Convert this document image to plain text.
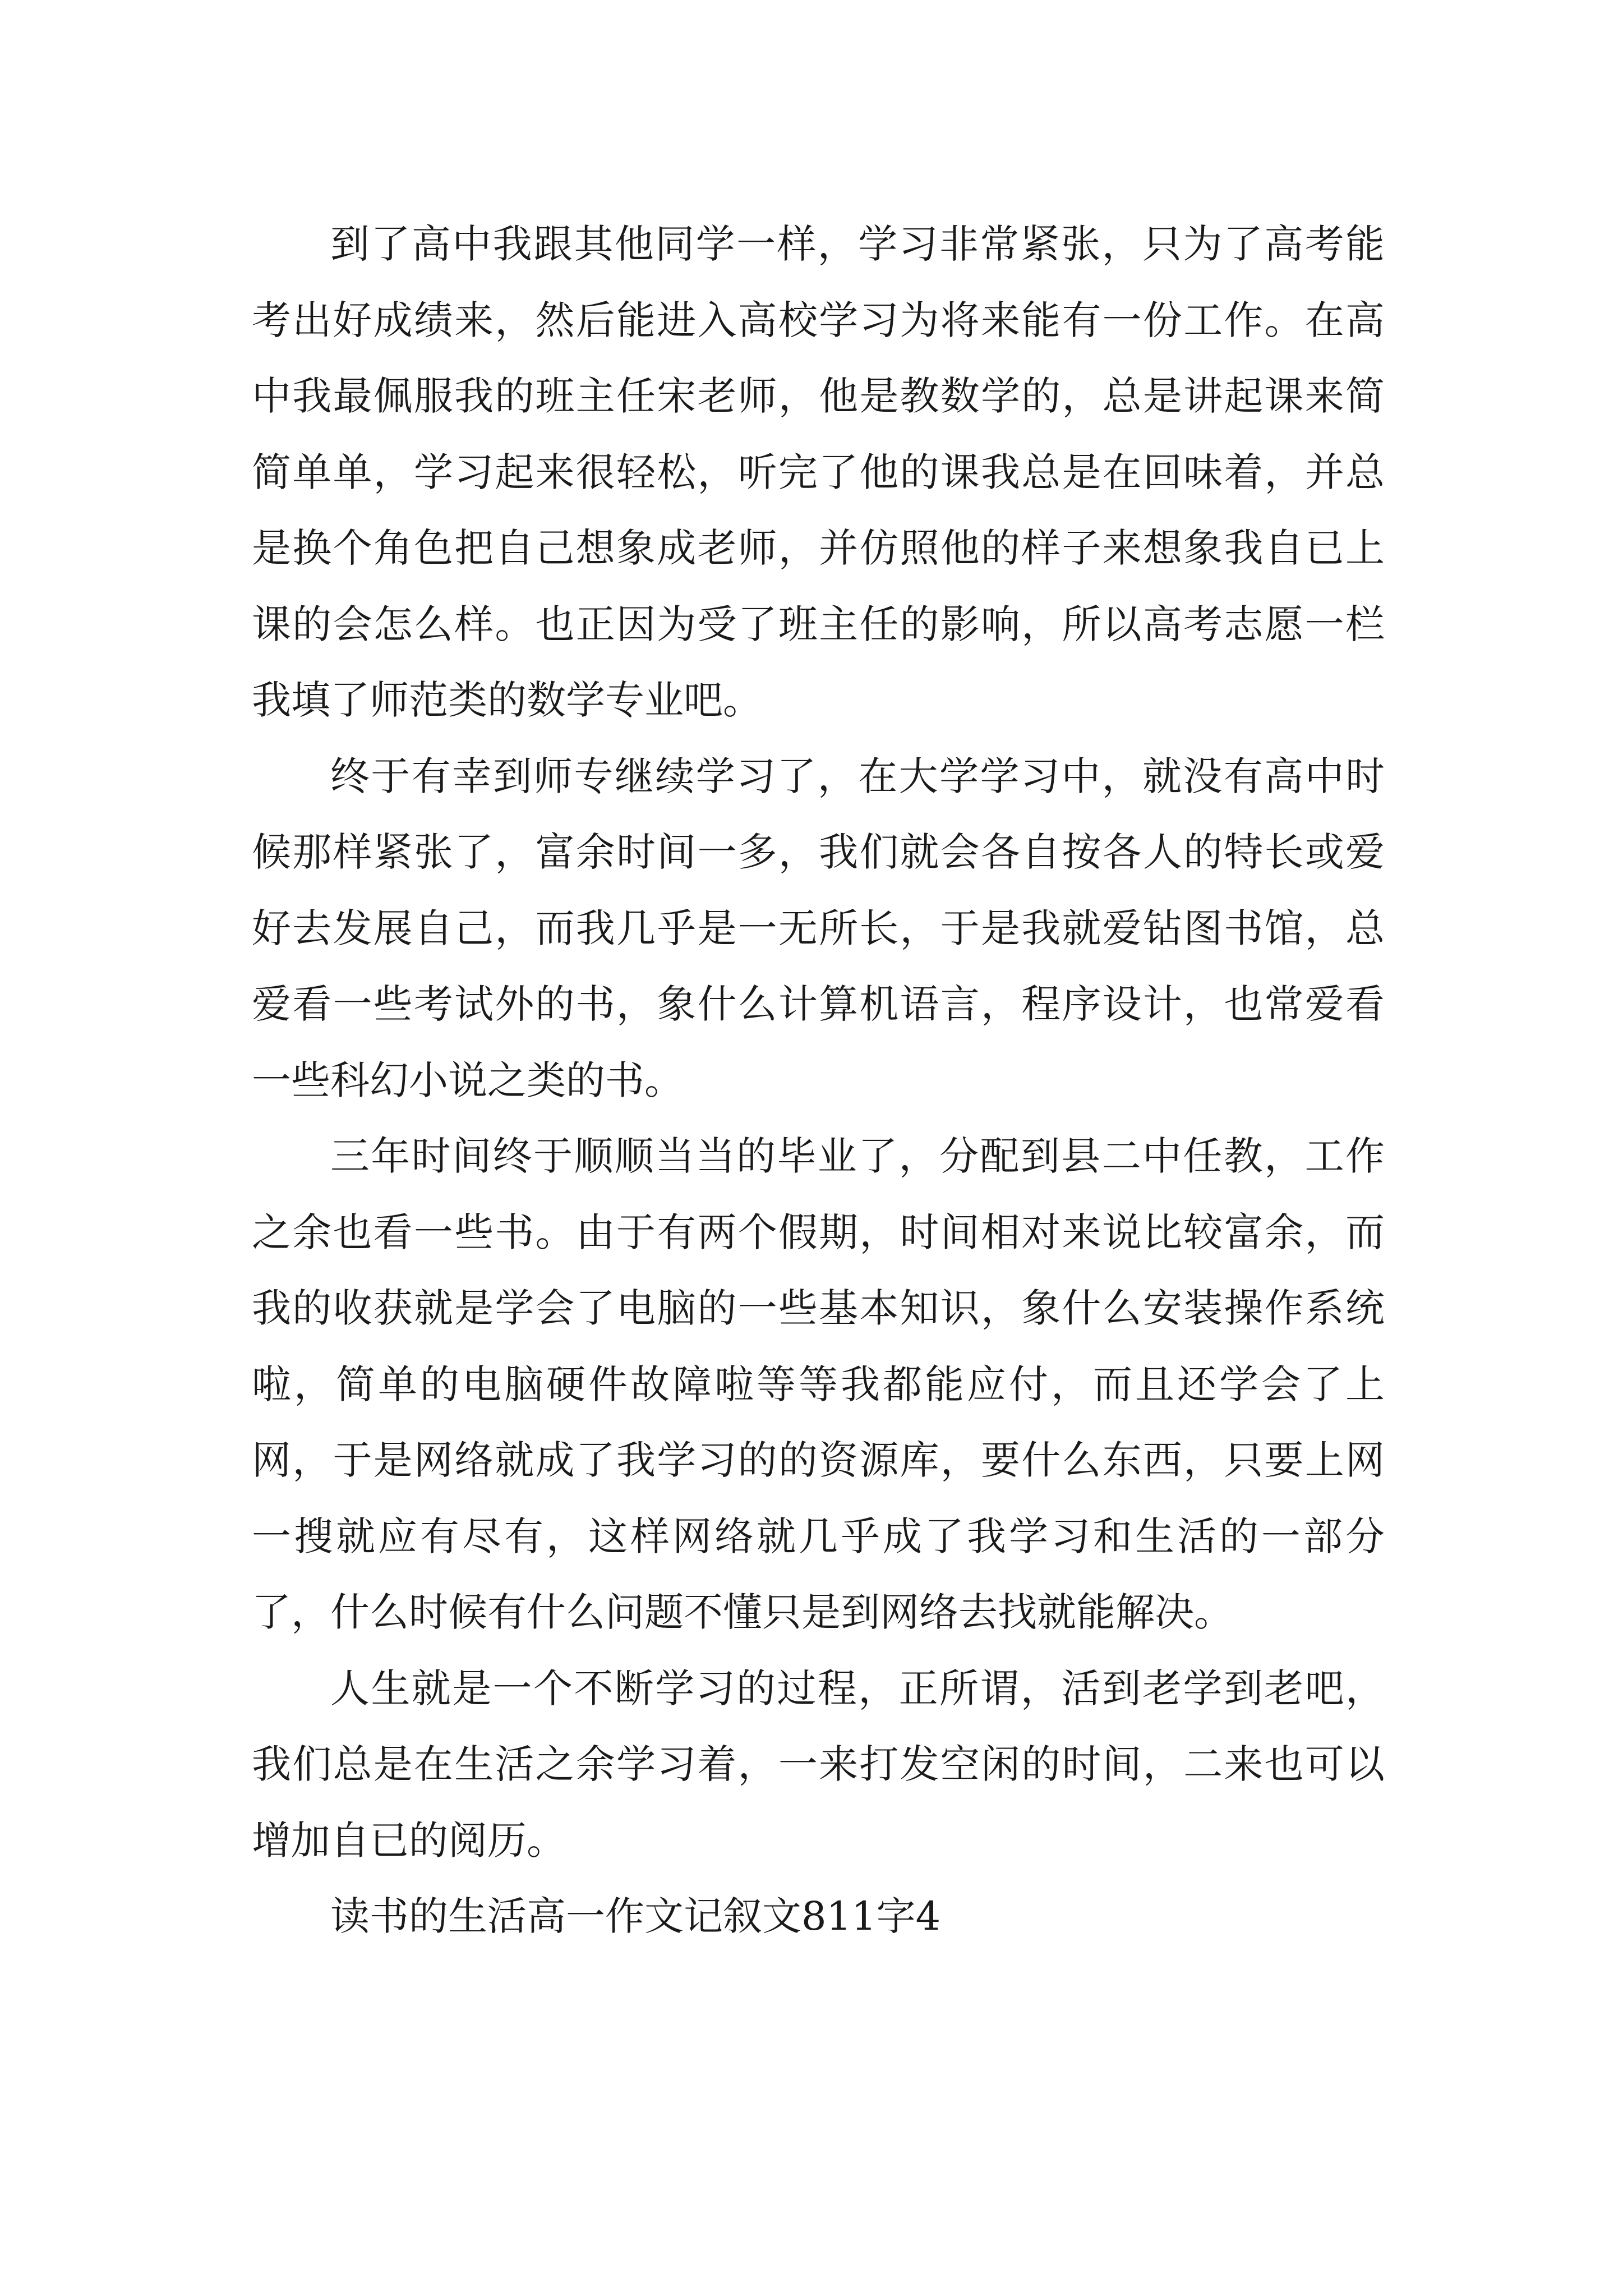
到了高中我跟其他同学一样，学习非常紧张，只为了高考能考出好成绩来，然后能进入高校学习为将来能有一份工作。在高中我最佩服我的班主任宋老师，他是教数学的，总是讲起课来简简单单，学习起来很轻松，听完了他的课我总是在回味着，并总是换个角色把自己想象成老师，并仿照他的样子来想象我自已上课的会怎么样。也正因为受了班主任的影响，所以高考志愿一栏我填了师范类的数学专业吧。

终于有幸到师专继续学习了，在大学学习中，就没有高中时候那样紧张了，富余时间一多，我们就会各自按各人的特长或爱好去发展自己，而我几乎是一无所长，于是我就爱钻图书馆，总爱看一些考试外的书，象什么计算机语言，程序设计，也常爱看一些科幻小说之类的书。

三年时间终于顺顺当当的毕业了，分配到县二中任教，工作之余也看一些书。由于有两个假期，时间相对来说比较富余，而我的收获就是学会了电脑的一些基本知识，象什么安装操作系统啦，简单的电脑硬件故障啦等等我都能应付，而且还学会了上网，于是网络就成了我学习的的资源库，要什么东西，只要上网一搜就应有尽有，这样网络就几乎成了我学习和生活的一部分了，什么时候有什么问题不懂只是到网络去找就能解决。

人生就是一个不断学习的过程，正所谓，活到老学到老吧，我们总是在生活之余学习着，一来打发空闲的时间，二来也可以增加自已的阅历。

读书的生活高一作文记叙文811字4
